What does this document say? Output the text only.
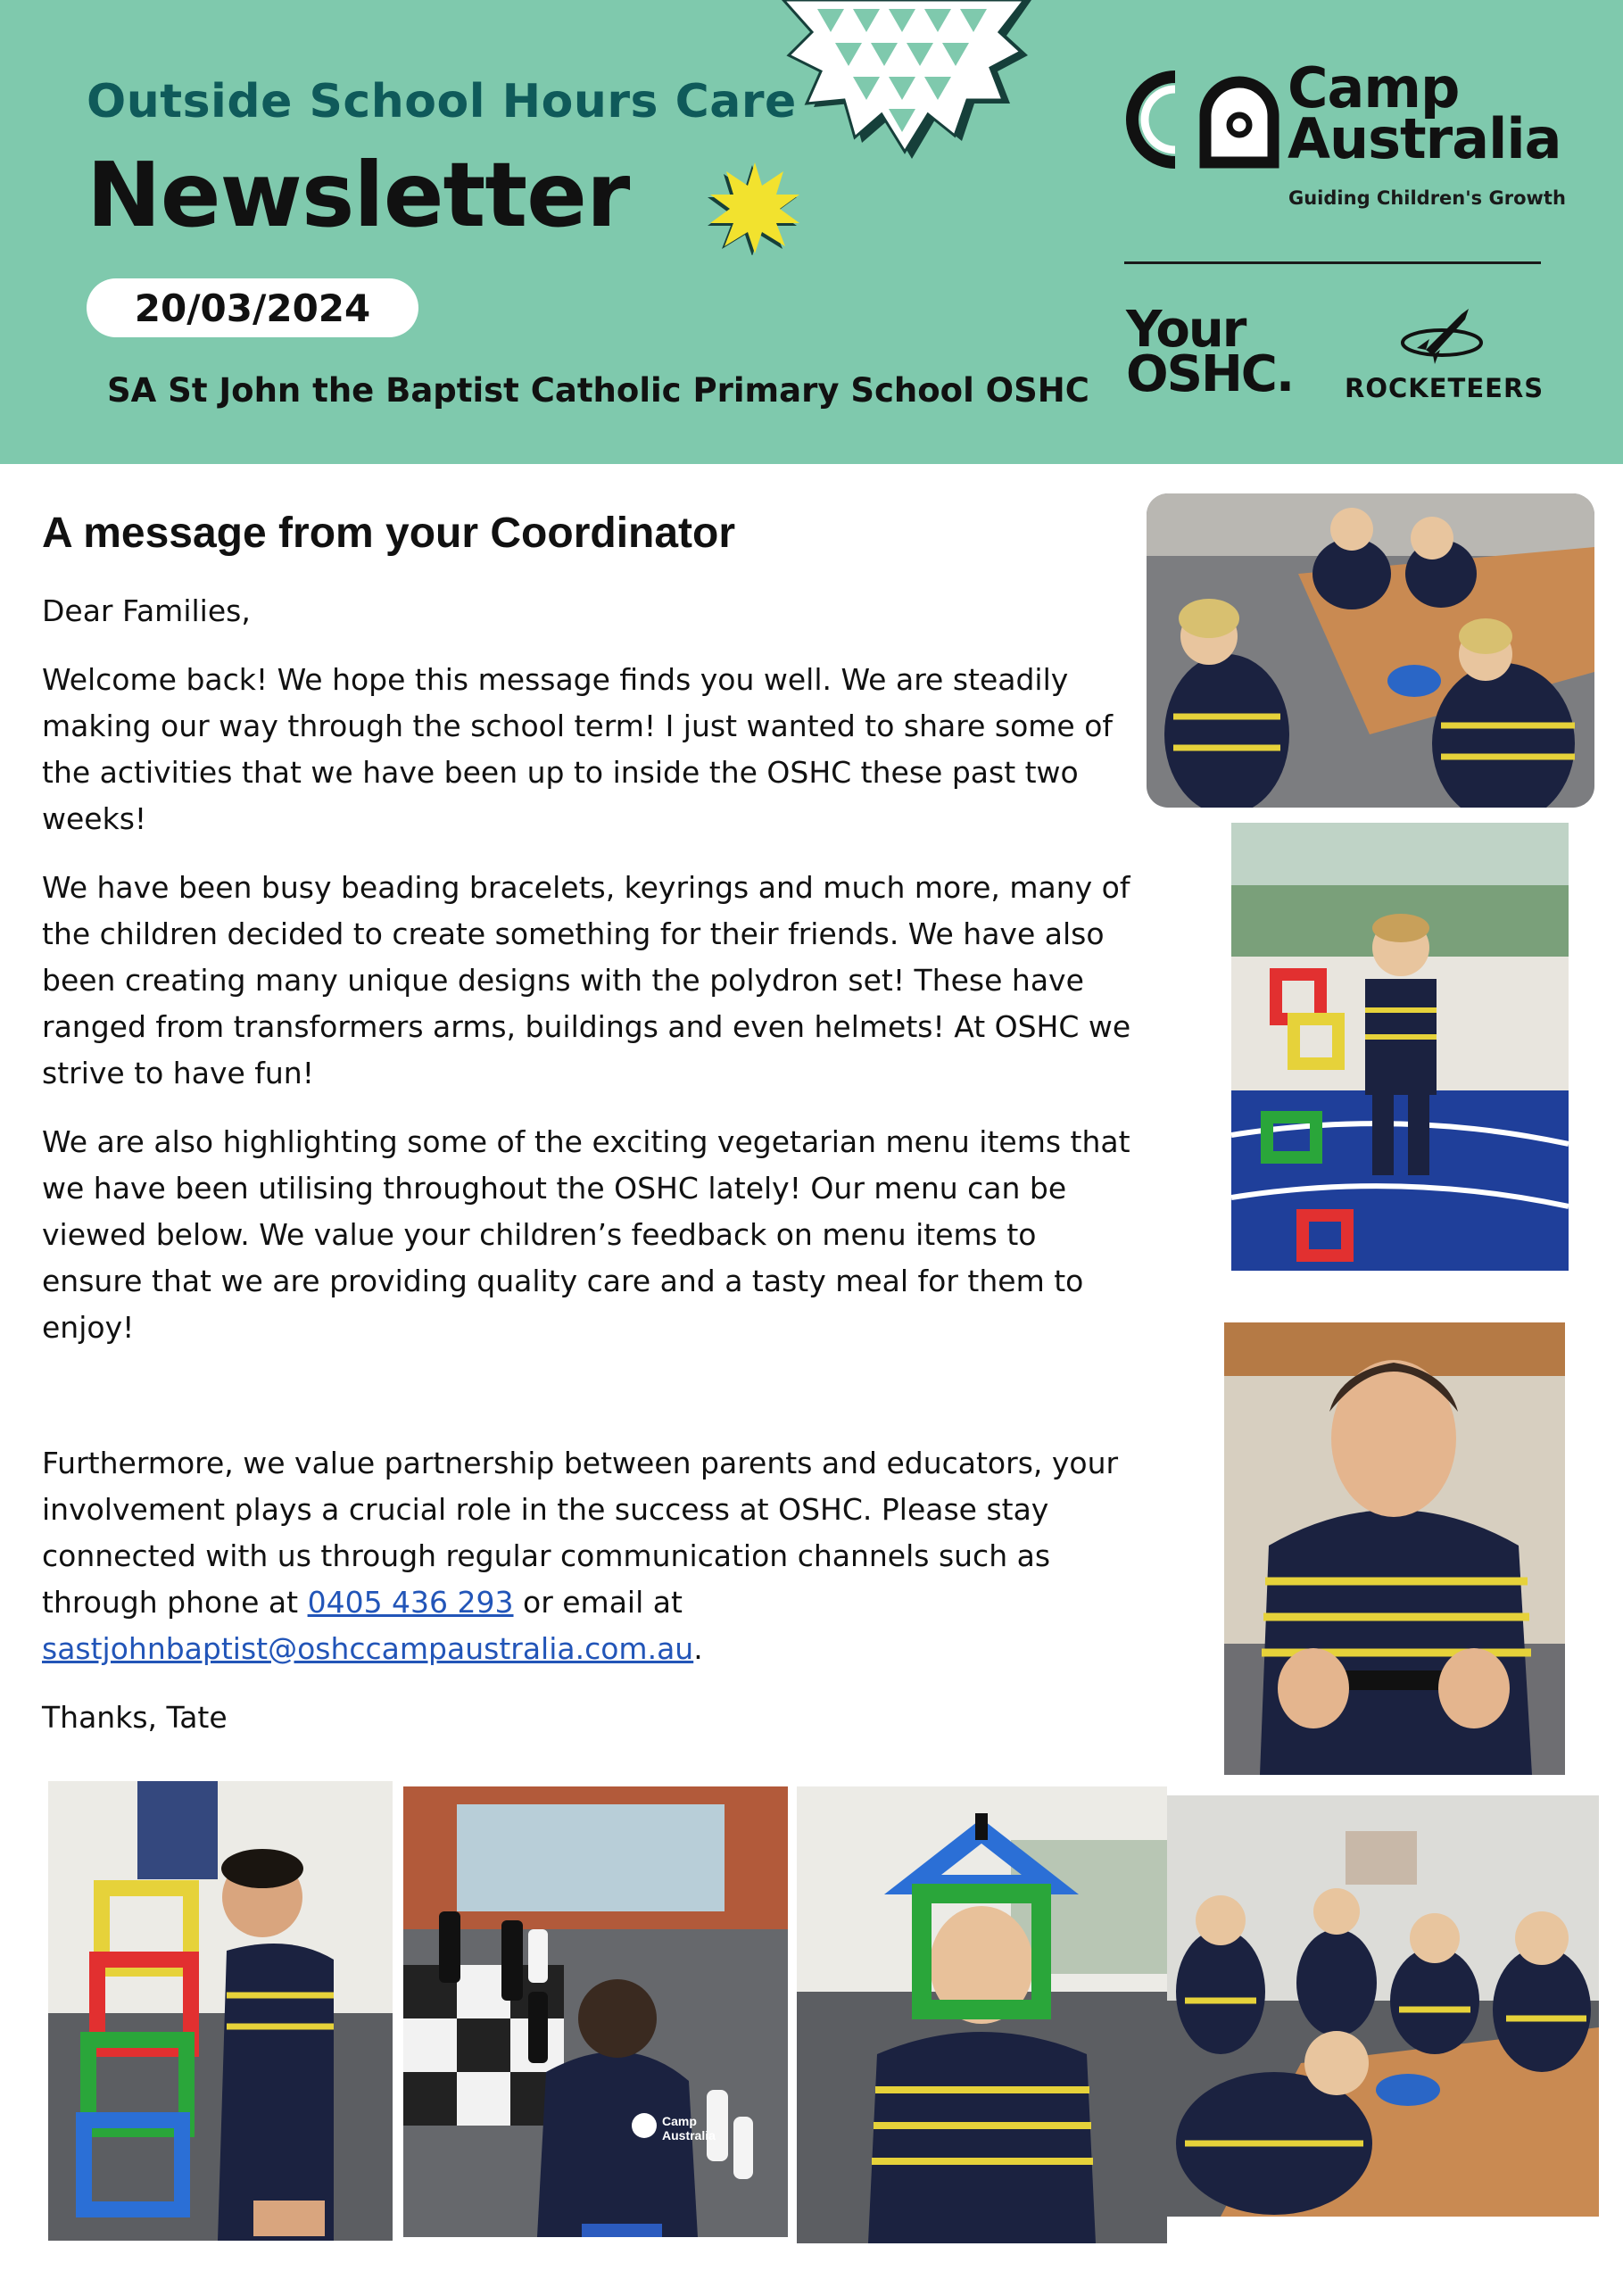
Outside School Hours Care
Newsletter
20/03/2024
SA St John the Baptist Catholic Primary School OSHC
Camp
Australia
Guiding Children's Growth
Your
OSHC. ROCKETEERS
A message from your Coordinator

Dear Families,

Welcome back! We hope this message finds you well. We are steadily making our way through the school term! I just wanted to share some of the activities that we have been up to inside the OSHC these past two weeks!

We have been busy beading bracelets, keyrings and much more, many of the children decided to create something for their friends. We have also been creating many unique designs with the polydron set! These have ranged from transformers arms, buildings and even helmets! At OSHC we strive to have fun!

We are also highlighting some of the exciting vegetarian menu items that we have been utilising throughout the OSHC lately! Our menu can be viewed below. We value your children’s feedback on menu items to ensure that we are providing quality care and a tasty meal for them to enjoy!

Furthermore, we value partnership between parents and educators, your involvement plays a crucial role in the success at OSHC. Please stay connected with us through regular communication channels such as through phone at 0405 436 293 or email at sastjohnbaptist@oshccampaustralia.com.au.

Thanks, Tate

Camp
Australia
